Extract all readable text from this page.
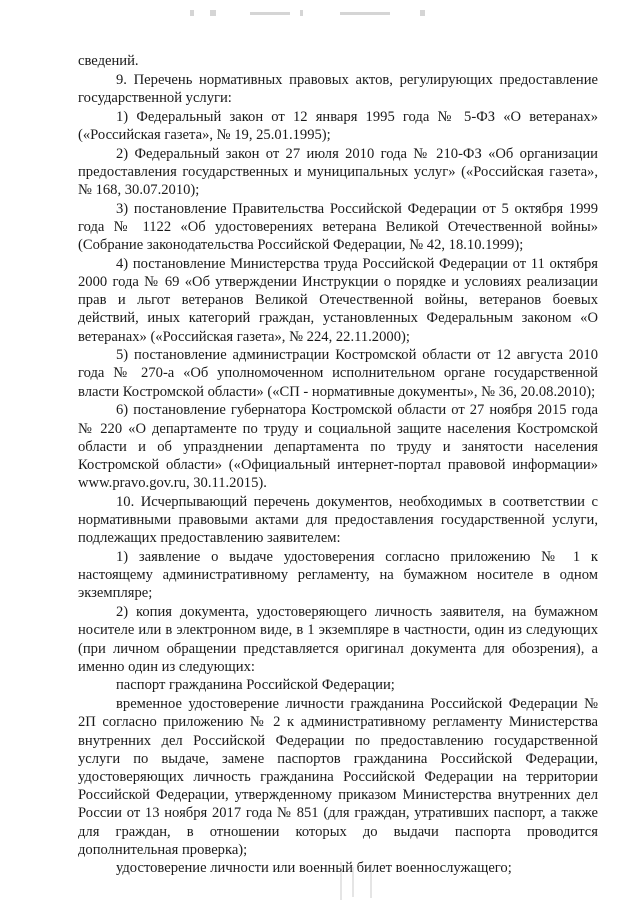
сведений.

9. Перечень нормативных правовых актов, регулирующих предоставление государственной услуги:

1) Федеральный закон от 12 января 1995 года № 5-ФЗ «О ветеранах» («Российская газета», № 19, 25.01.1995);

2) Федеральный закон от 27 июля 2010 года № 210-ФЗ «Об организации предоставления государственных и муниципальных услуг» («Российская газета», № 168, 30.07.2010);

3) постановление Правительства Российской Федерации от 5 октября 1999 года № 1122 «Об удостоверениях ветерана Великой Отечественной войны» (Собрание законодательства Российской Федерации, № 42, 18.10.1999);

4) постановление Министерства труда Российской Федерации от 11 октября 2000 года № 69 «Об утверждении Инструкции о порядке и условиях реализации прав и льгот ветеранов Великой Отечественной войны, ветеранов боевых действий, иных категорий граждан, установленных Федеральным законом «О ветеранах» («Российская газета», № 224, 22.11.2000);

5) постановление администрации Костромской области от 12 августа 2010 года № 270-а «Об уполномоченном исполнительном органе государственной власти Костромской области» («СП - нормативные документы», № 36, 20.08.2010);

6) постановление губернатора Костромской области от 27 ноября 2015 года № 220 «О департаменте по труду и социальной защите населения Костромской области и об упразднении департамента по труду и занятости населения Костромской области» («Официальный интернет-портал правовой информации» www.pravo.gov.ru, 30.11.2015).

10. Исчерпывающий перечень документов, необходимых в соответствии с нормативными правовыми актами для предоставления государственной услуги, подлежащих предоставлению заявителем:

1) заявление о выдаче удостоверения согласно приложению № 1 к настоящему административному регламенту, на бумажном носителе в одном экземпляре;

2) копия документа, удостоверяющего личность заявителя, на бумажном носителе или в электронном виде, в 1 экземпляре в частности, один из следующих (при личном обращении представляется оригинал документа для обозрения), а именно один из следующих:

паспорт гражданина Российской Федерации;

временное удостоверение личности гражданина Российской Федерации № 2П согласно приложению № 2 к административному регламенту Министерства внутренних дел Российской Федерации по предоставлению государственной услуги по выдаче, замене паспортов гражданина Российской Федерации, удостоверяющих личность гражданина Российской Федерации на территории Российской Федерации, утвержденному приказом Министерства внутренних дел России от 13 ноября 2017 года № 851 (для граждан, утративших паспорт, а также для граждан, в отношении которых до выдачи паспорта проводится дополнительная проверка);

удостоверение личности или военный билет военнослужащего;
